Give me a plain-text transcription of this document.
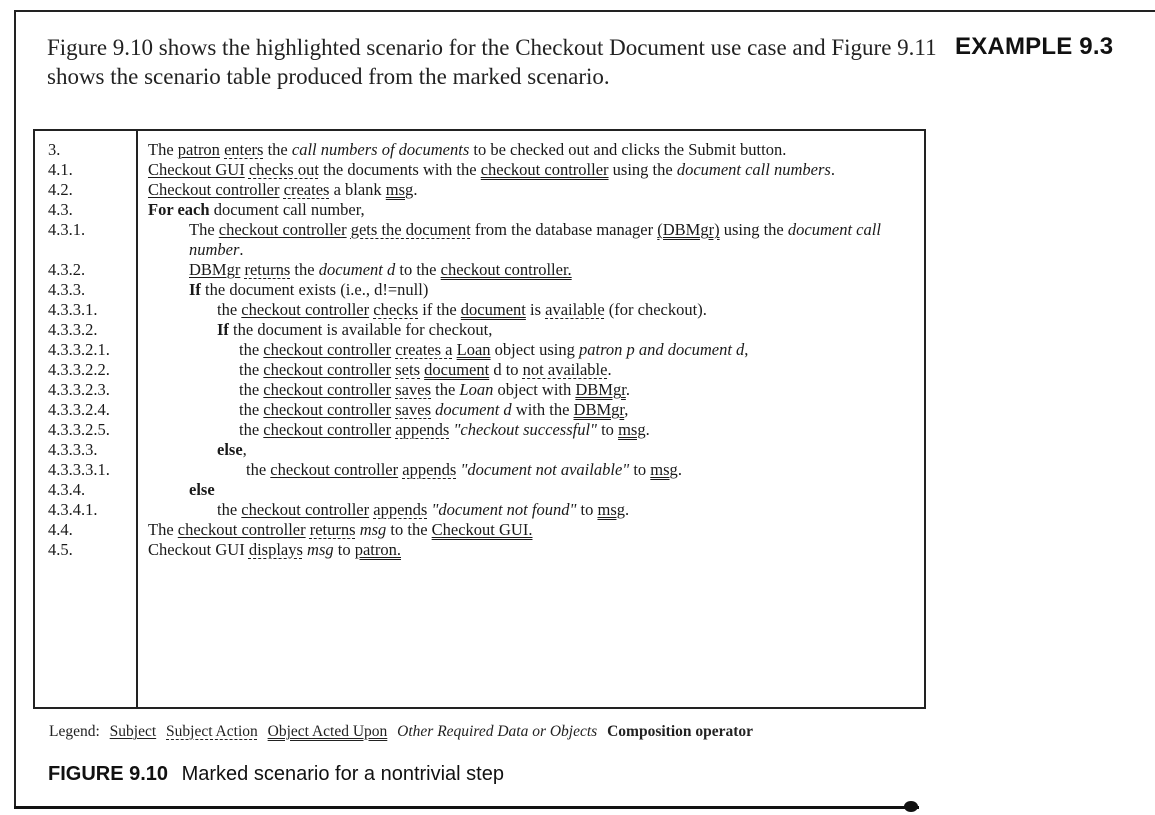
Figure 9.10 shows the highlighted scenario for the Checkout Document use case and Figure 9.11 shows the scenario table produced from the marked scenario.
EXAMPLE 9.3
3.	The patron enters the call numbers of documents to be checked out and clicks the Submit button.
4.1.	Checkout GUI checks out the documents with the checkout controller using the document call numbers.
4.2.	Checkout controller creates a blank msg.
4.3.	For each document call number,
4.3.1.	The checkout controller gets the document from the database manager (DBMgr) using the document call number.
4.3.2.	DBMgr returns the document d to the checkout controller.
4.3.3.	If the document exists (i.e., d!=null)
4.3.3.1.	the checkout controller checks if the document is available (for checkout).
4.3.3.2.	If the document is available for checkout,
4.3.3.2.1.	the checkout controller creates a Loan object using patron p and document d,
4.3.3.2.2.	the checkout controller sets document d to not available.
4.3.3.2.3.	the checkout controller saves the Loan object with DBMgr.
4.3.3.2.4.	the checkout controller saves document d with the DBMgr,
4.3.3.2.5.	the checkout controller appends "checkout successful" to msg.
4.3.3.3.	else,
4.3.3.3.1.	the checkout controller appends "document not available" to msg.
4.3.4.	else
4.3.4.1.	the checkout controller appends "document not found" to msg.
4.4.	The checkout controller returns msg to the Checkout GUI.
4.5.	Checkout GUI displays msg to patron.
Legend: Subject Subject Action Object Acted Upon Other Required Data or Objects Composition operator
FIGURE 9.10 Marked scenario for a nontrivial step
